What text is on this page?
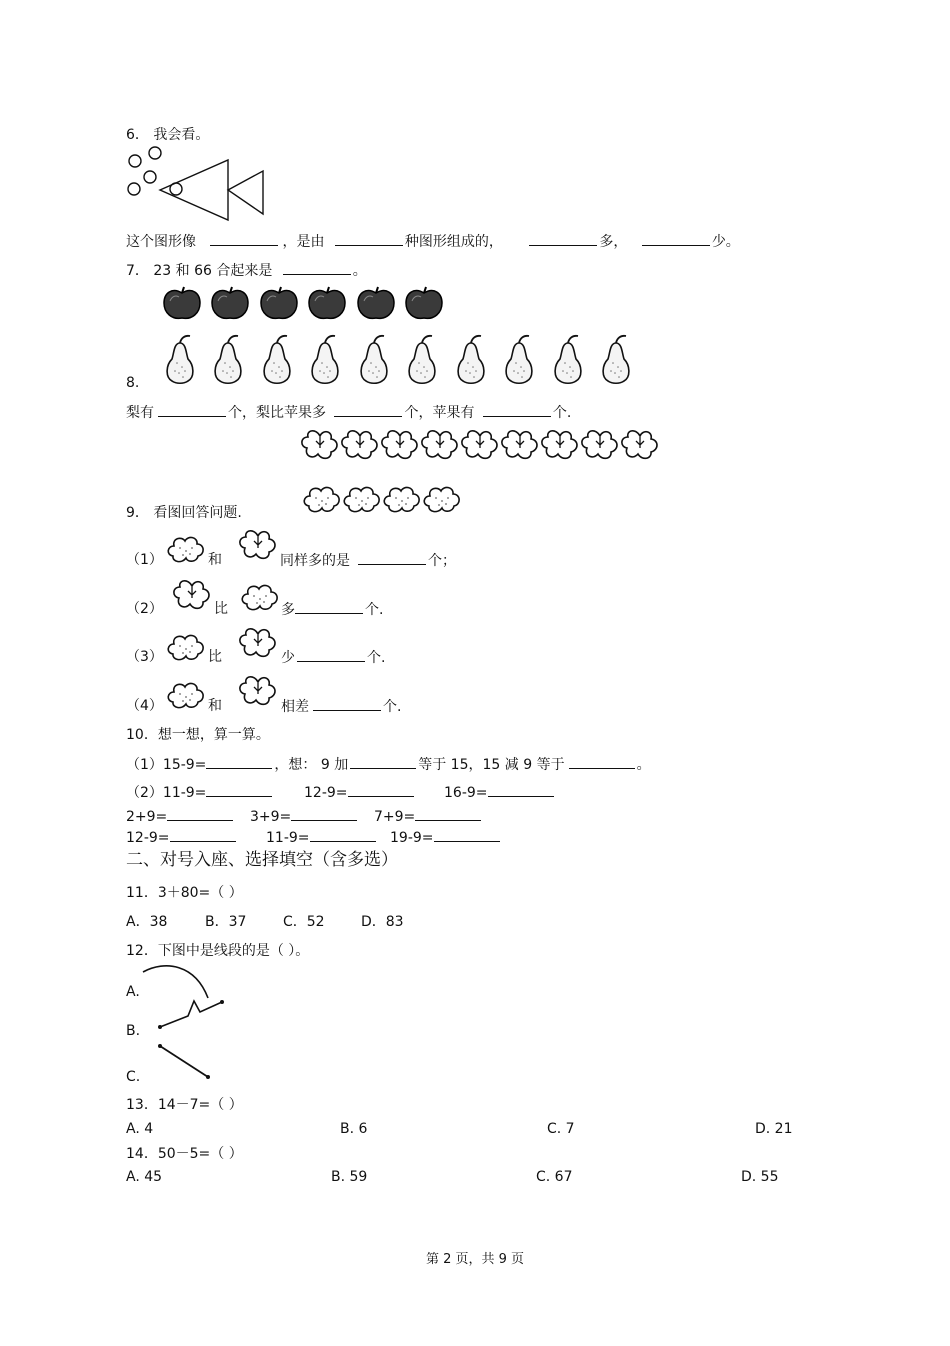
6． 我会看。
这个图形像	，是由	种图形组成的，	多，	少。
7． 23 和 66 合起来是	。
8.
梨有	个，梨比苹果多	个，苹果有	个.
9． 看图回答问题.
（1）	和	同样多的是	个；
（2）	比	多	个.
（3）	比	少	个.
（4）	和	相差	个.
10．想一想，算一算。
（1）15-9=	，想： 9 加	等于 15，15 减 9 等于	。
（2）11-9=	12-9=	16-9=
2+9=	3+9=	7+9=
12-9=	11-9=	19-9=
二、对号入座、选择填空（含多选）
11．3＋80=（ ）
A．38	B．37	C．52	D．83
12．下图中是线段的是（ ）。
A.
B.
C.
13．14－7=（ ）
A. 4	B. 6	C. 7	D. 21
14．50－5=（ ）
A. 45	B. 59	C. 67	D. 55
第 2 页，共 9 页
